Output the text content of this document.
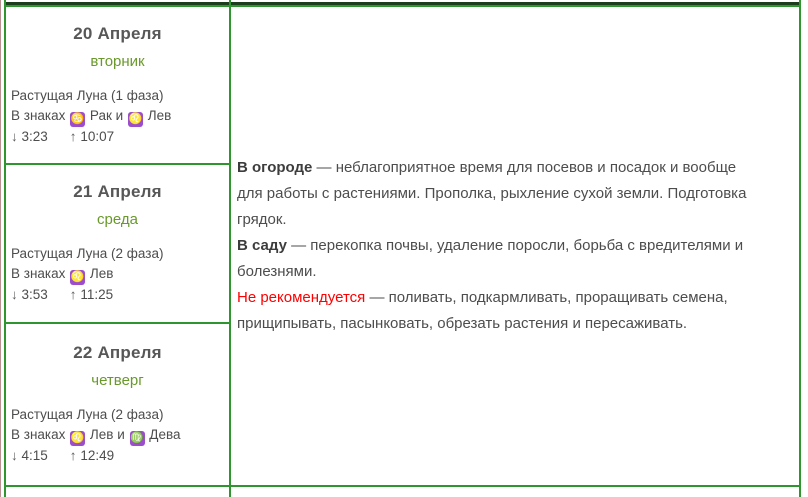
20 Апреля
вторник
Растущая Луна (1 фаза)
В знаках ♋ Рак и ♌ Лев
↓ 3:23 ↑ 10:07
21 Апреля
среда
Растущая Луна (2 фаза)
В знаках ♌ Лев
↓ 3:53 ↑ 11:25
22 Апреля
четверг
Растущая Луна (2 фаза)
В знаках ♌ Лев и ♍ Дева
↓ 4:15 ↑ 12:49

В огороде — неблагоприятное время для посевов и посадок и вообще для работы с растениями. Прополка, рыхление сухой земли. Подготовка грядок.

В саду — перекопка почвы, удаление поросли, борьба с вредителями и болезнями.

Не рекомендуется — поливать, подкармливать, проращивать семена, прищипывать, пасынковать, обрезать растения и пересаживать.
